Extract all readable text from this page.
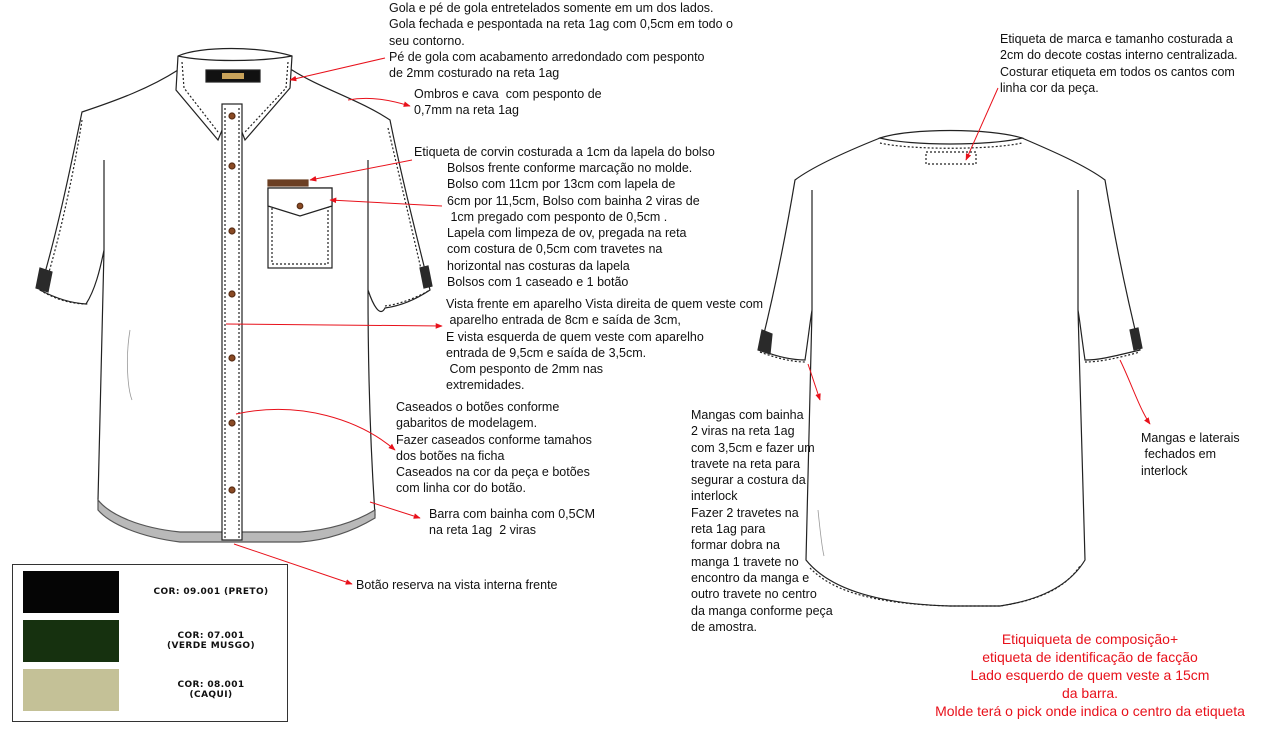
Gola e pé de gola entretelados somente em um dos lados.
Gola fechada e pespontada na reta 1ag com 0,5cm em todo o
seu contorno.
Pé de gola com acabamento arredondado com pesponto
de 2mm costurado na reta 1ag
Ombros e cava  com pesponto de
0,7mm na reta 1ag
Etiqueta de corvin costurada a 1cm da lapela do bolso
Bolsos frente conforme marcação no molde.
Bolso com 11cm por 13cm com lapela de
6cm por 11,5cm, Bolso com bainha 2 viras de
1cm pregado com pesponto de 0,5cm .
Lapela com limpeza de ov, pregada na reta
com costura de 0,5cm com travetes na
horizontal nas costuras da lapela
Bolsos com 1 caseado e 1 botão
Vista frente em aparelho Vista direita de quem veste com
aparelho entrada de 8cm e saída de 3cm,
E vista esquerda de quem veste com aparelho
entrada de 9,5cm e saída de 3,5cm.
Com pesponto de 2mm nas
extremidades.
Caseados o botões conforme
gabaritos de modelagem.
Fazer caseados conforme tamahos
dos botões na ficha
Caseados na cor da peça e botões
com linha cor do botão.
Barra com bainha com 0,5CM
na reta 1ag  2 viras
Botão reserva na vista interna frente
Etiqueta de marca e tamanho costurada a
2cm do decote costas interno centralizada.
Costurar etiqueta em todos os cantos com
linha cor da peça.
Mangas com bainha
2 viras na reta 1ag
com 3,5cm e fazer um
travete na reta para
segurar a costura da
interlock
Fazer 2 travetes na
reta 1ag para
formar dobra na
manga 1 travete no
encontro da manga e
outro travete no centro
da manga conforme peça
de amostra.
Mangas e laterais
fechados em
interlock
Etiquiqueta de composição+
etiqueta de identificação de facção
Lado esquerdo de quem veste a 15cm
da barra.
Molde terá o pick onde indica o centro da etiqueta
COR: 09.001 (PRETO)
COR: 07.001
(VERDE MUSGO)
COR: 08.001
(CAQUI)
